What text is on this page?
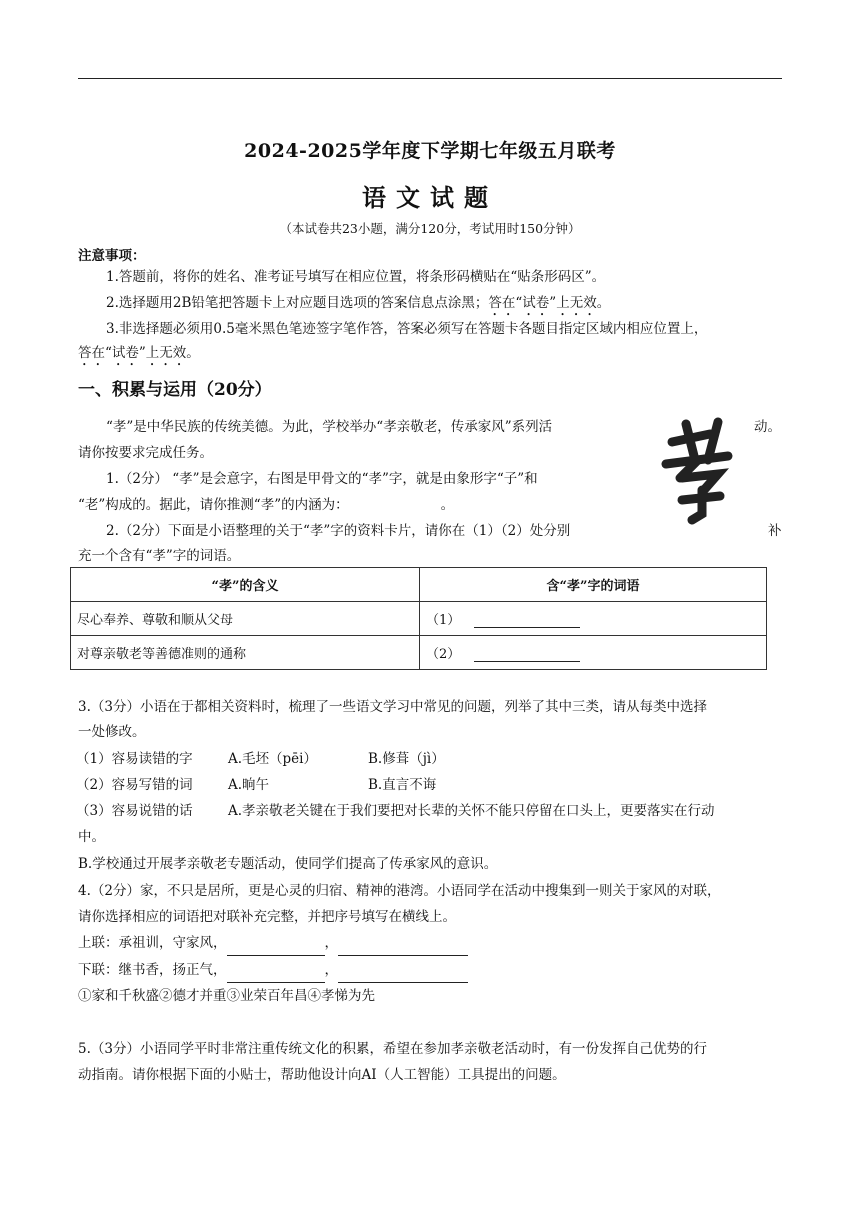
2024-2025学年度下学期七年级五月联考
语文试题
（本试卷共23小题，满分120分，考试用时150分钟）
注意事项：
1.答题前，将你的姓名、准考证号填写在相应位置，将条形码横贴在“贴条形码区”。
2.选择题用2B铅笔把答题卡上对应题目选项的答案信息点涂黑；答在“试卷”上无效。
3.非选择题必须用0.5毫米黑色笔迹签字笔作答，答案必须写在答题卡各题目指定区域内相应位置上，
答在“试卷”上无效。
一、积累与运用（20分）
“孝”是中华民族的传统美德。为此，学校举办“孝亲敬老，传承家风”系列活	动。
请你按要求完成任务。
1.（2分） “孝”是会意字，右图是甲骨文的“孝”字，就是由象形字“子”和
“老”构成的。据此，请你推测“孝”的内涵为：	。
2.（2分）下面是小语整理的关于“孝”字的资料卡片，请你在（1）（2）处分别	补
充一个含有“孝”字的词语。
“孝”的含义	含“孝”字的词语
尽心奉养、尊敬和顺从父母	（1）
对尊亲敬老等善德准则的通称	（2）
3.（3分）小语在于都相关资料时，梳理了一些语文学习中常见的问题，列举了其中三类，请从每类中选择
一处修改。
（1）容易读错的字	A.毛坯（pēi）	B.修葺（jì）
（2）容易写错的词	A.晌午	B.直言不诲
（3）容易说错的话	A.孝亲敬老关键在于我们要把对长辈的关怀不能只停留在口头上，更要落实在行动
中。
B.学校通过开展孝亲敬老专题活动，使同学们提高了传承家风的意识。
4.（2分）家，不只是居所，更是心灵的归宿、精神的港湾。小语同学在活动中搜集到一则关于家风的对联，
请你选择相应的词语把对联补充完整，并把序号填写在横线上。
上联：承祖训，守家风，	，
下联：继书香，扬正气，	，
①家和千秋盛②德才并重③业荣百年昌④孝悌为先
5.（3分）小语同学平时非常注重传统文化的积累，希望在参加孝亲敬老活动时，有一份发挥自己优势的行
动指南。请你根据下面的小贴士，帮助他设计向AI（人工智能）工具提出的问题。
